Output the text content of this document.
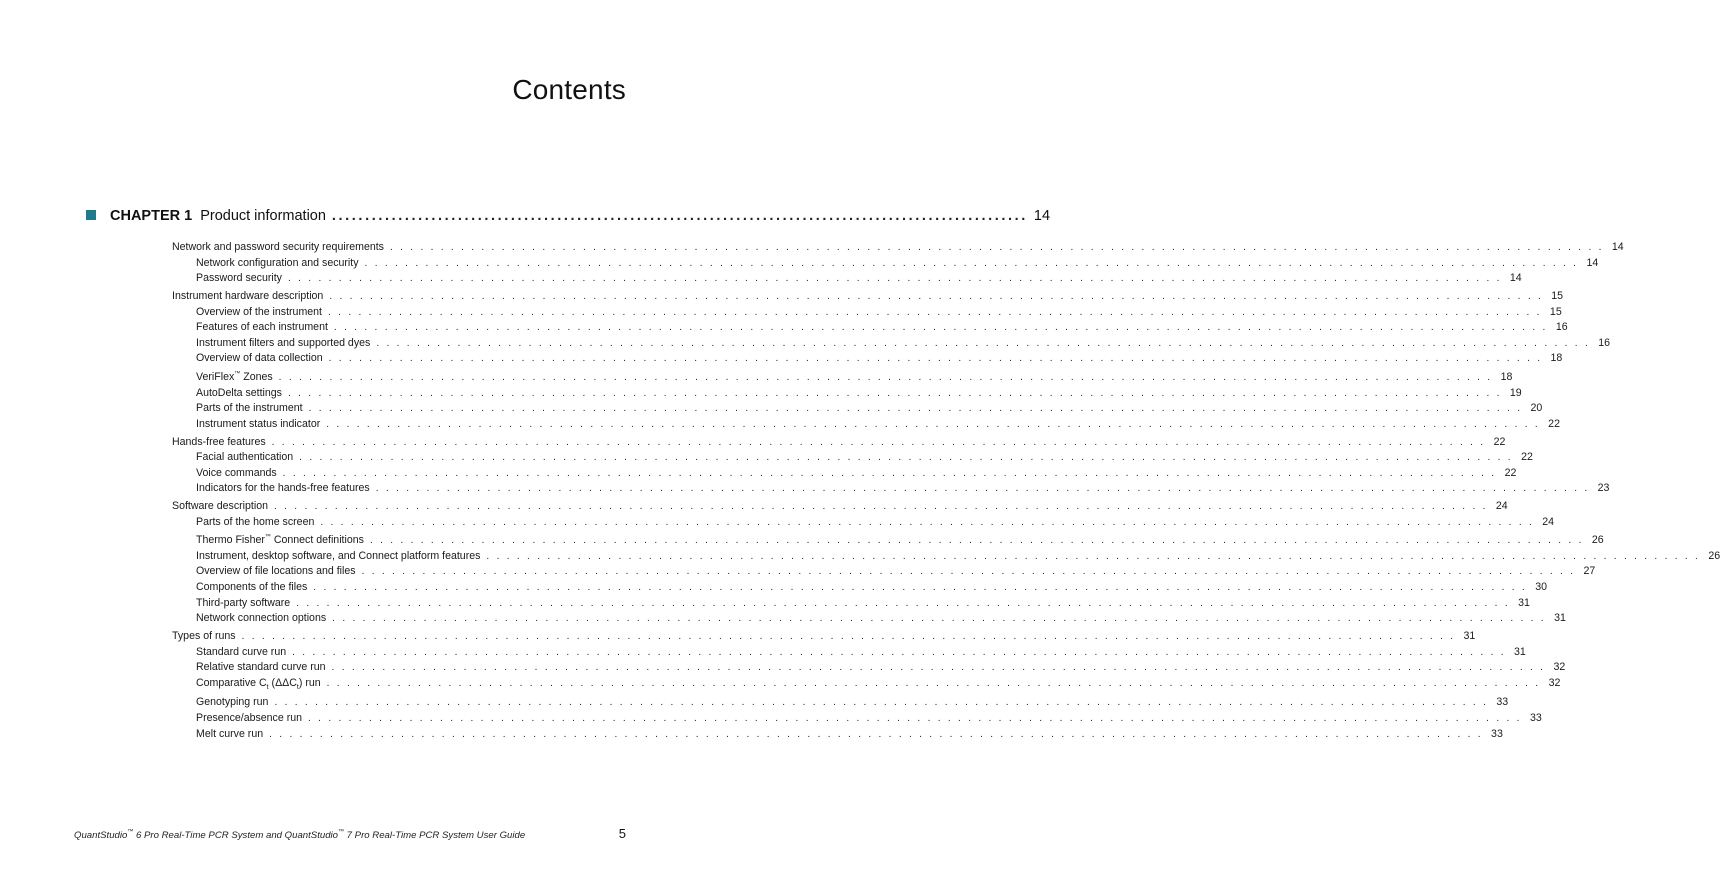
Contents
CHAPTER 1 Product information ......................................................................................................... 14
Network and password security requirements . . . . . . . . . . . . . . . . . . . . . . . . . . . . . . . . . . . . . . . . . . . . . . . . . . . . . . . . . . . . . . . . . . . . . . . . . . . . . . . . . . . . . . . . . . . . . . . . . . . . . . . . . . . . . . . . . . . . . . . . 14
Network configuration and security . . . . . . . . . . . . . . . . . . . . . . . . . . . . . . . . . . . . . . . . . . . . . . . . . . . . . . . . . . . . . . . . . . . . . . . . . . . . . . . . . . . . . . . . . . . . . . . . . . . . . . . . . . . . . . . . . . . . . . . . 14
Password security . . . . . . . . . . . . . . . . . . . . . . . . . . . . . . . . . . . . . . . . . . . . . . . . . . . . . . . . . . . . . . . . . . . . . . . . . . . . . . . . . . . . . . . . . . . . . . . . . . . . . . . . . . . . . . . . . . . . . . . . 14
Instrument hardware description . . . . . . . . . . . . . . . . . . . . . . . . . . . . . . . . . . . . . . . . . . . . . . . . . . . . . . . . . . . . . . . . . . . . . . . . . . . . . . . . . . . . . . . . . . . . . . . . . . . . . . . . . . . . . . . . . . . . . . . . 15
Overview of the instrument . . . . . . . . . . . . . . . . . . . . . . . . . . . . . . . . . . . . . . . . . . . . . . . . . . . . . . . . . . . . . . . . . . . . . . . . . . . . . . . . . . . . . . . . . . . . . . . . . . . . . . . . . . . . . . . . . . . . . . . . 15
Features of each instrument . . . . . . . . . . . . . . . . . . . . . . . . . . . . . . . . . . . . . . . . . . . . . . . . . . . . . . . . . . . . . . . . . . . . . . . . . . . . . . . . . . . . . . . . . . . . . . . . . . . . . . . . . . . . . . . . . . . . . . . . 16
Instrument filters and supported dyes . . . . . . . . . . . . . . . . . . . . . . . . . . . . . . . . . . . . . . . . . . . . . . . . . . . . . . . . . . . . . . . . . . . . . . . . . . . . . . . . . . . . . . . . . . . . . . . . . . . . . . . . . . . . . . . . . . . . . . . . 16
Overview of data collection . . . . . . . . . . . . . . . . . . . . . . . . . . . . . . . . . . . . . . . . . . . . . . . . . . . . . . . . . . . . . . . . . . . . . . . . . . . . . . . . . . . . . . . . . . . . . . . . . . . . . . . . . . . . . . . . . . . . . . . . 18
VeriFlex™ Zones . . . . . . . . . . . . . . . . . . . . . . . . . . . . . . . . . . . . . . . . . . . . . . . . . . . . . . . . . . . . . . . . . . . . . . . . . . . . . . . . . . . . . . . . . . . . . . . . . . . . . . . . . . . . . . . . . . . . . . . . 18
AutoDelta settings . . . . . . . . . . . . . . . . . . . . . . . . . . . . . . . . . . . . . . . . . . . . . . . . . . . . . . . . . . . . . . . . . . . . . . . . . . . . . . . . . . . . . . . . . . . . . . . . . . . . . . . . . . . . . . . . . . . . . . . . 19
Parts of the instrument . . . . . . . . . . . . . . . . . . . . . . . . . . . . . . . . . . . . . . . . . . . . . . . . . . . . . . . . . . . . . . . . . . . . . . . . . . . . . . . . . . . . . . . . . . . . . . . . . . . . . . . . . . . . . . . . . . . . . . . . 20
Instrument status indicator . . . . . . . . . . . . . . . . . . . . . . . . . . . . . . . . . . . . . . . . . . . . . . . . . . . . . . . . . . . . . . . . . . . . . . . . . . . . . . . . . . . . . . . . . . . . . . . . . . . . . . . . . . . . . . . . . . . . . . . . 22
Hands-free features . . . . . . . . . . . . . . . . . . . . . . . . . . . . . . . . . . . . . . . . . . . . . . . . . . . . . . . . . . . . . . . . . . . . . . . . . . . . . . . . . . . . . . . . . . . . . . . . . . . . . . . . . . . . . . . . . . . . . . . . 22
Facial authentication . . . . . . . . . . . . . . . . . . . . . . . . . . . . . . . . . . . . . . . . . . . . . . . . . . . . . . . . . . . . . . . . . . . . . . . . . . . . . . . . . . . . . . . . . . . . . . . . . . . . . . . . . . . . . . . . . . . . . . . . 22
Voice commands . . . . . . . . . . . . . . . . . . . . . . . . . . . . . . . . . . . . . . . . . . . . . . . . . . . . . . . . . . . . . . . . . . . . . . . . . . . . . . . . . . . . . . . . . . . . . . . . . . . . . . . . . . . . . . . . . . . . . . . . 22
Indicators for the hands-free features . . . . . . . . . . . . . . . . . . . . . . . . . . . . . . . . . . . . . . . . . . . . . . . . . . . . . . . . . . . . . . . . . . . . . . . . . . . . . . . . . . . . . . . . . . . . . . . . . . . . . . . . . . . . . . . . . . . . . . . . 23
Software description . . . . . . . . . . . . . . . . . . . . . . . . . . . . . . . . . . . . . . . . . . . . . . . . . . . . . . . . . . . . . . . . . . . . . . . . . . . . . . . . . . . . . . . . . . . . . . . . . . . . . . . . . . . . . . . . . . . . . . . . 24
Parts of the home screen . . . . . . . . . . . . . . . . . . . . . . . . . . . . . . . . . . . . . . . . . . . . . . . . . . . . . . . . . . . . . . . . . . . . . . . . . . . . . . . . . . . . . . . . . . . . . . . . . . . . . . . . . . . . . . . . . . . . . . . . 24
Thermo Fisher™ Connect definitions . . . . . . . . . . . . . . . . . . . . . . . . . . . . . . . . . . . . . . . . . . . . . . . . . . . . . . . . . . . . . . . . . . . . . . . . . . . . . . . . . . . . . . . . . . . . . . . . . . . . . . . . . . . . . . . . . . . . . . . . 26
Instrument, desktop software, and Connect platform features . . . . . . . . . . . . . . . . . . . . . . . . . . . . . . . . . . . . . . . . . . . . . . . . . . . . . . . . . . . . . . . . . . . . . . . . . . . . . . . . . . . . . . . . . . . . . . . . . . . . . . . . . . . . . . . . . . . . . . . . 26
Overview of file locations and files . . . . . . . . . . . . . . . . . . . . . . . . . . . . . . . . . . . . . . . . . . . . . . . . . . . . . . . . . . . . . . . . . . . . . . . . . . . . . . . . . . . . . . . . . . . . . . . . . . . . . . . . . . . . . . . . . . . . . . . . 27
Components of the files . . . . . . . . . . . . . . . . . . . . . . . . . . . . . . . . . . . . . . . . . . . . . . . . . . . . . . . . . . . . . . . . . . . . . . . . . . . . . . . . . . . . . . . . . . . . . . . . . . . . . . . . . . . . . . . . . . . . . . . . 30
Third-party software . . . . . . . . . . . . . . . . . . . . . . . . . . . . . . . . . . . . . . . . . . . . . . . . . . . . . . . . . . . . . . . . . . . . . . . . . . . . . . . . . . . . . . . . . . . . . . . . . . . . . . . . . . . . . . . . . . . . . . . . 31
Network connection options . . . . . . . . . . . . . . . . . . . . . . . . . . . . . . . . . . . . . . . . . . . . . . . . . . . . . . . . . . . . . . . . . . . . . . . . . . . . . . . . . . . . . . . . . . . . . . . . . . . . . . . . . . . . . . . . . . . . . . . . 31
Types of runs . . . . . . . . . . . . . . . . . . . . . . . . . . . . . . . . . . . . . . . . . . . . . . . . . . . . . . . . . . . . . . . . . . . . . . . . . . . . . . . . . . . . . . . . . . . . . . . . . . . . . . . . . . . . . . . . . . . . . . . . 31
Standard curve run . . . . . . . . . . . . . . . . . . . . . . . . . . . . . . . . . . . . . . . . . . . . . . . . . . . . . . . . . . . . . . . . . . . . . . . . . . . . . . . . . . . . . . . . . . . . . . . . . . . . . . . . . . . . . . . . . . . . . . . . 31
Relative standard curve run . . . . . . . . . . . . . . . . . . . . . . . . . . . . . . . . . . . . . . . . . . . . . . . . . . . . . . . . . . . . . . . . . . . . . . . . . . . . . . . . . . . . . . . . . . . . . . . . . . . . . . . . . . . . . . . . . . . . . . . . 32
Comparative $C_t$ $(\Delta\Delta C_t)$ run . . . . . . . . . . . . . . . . . . . . . . . . . . . . . . . . . . . . . . . . . . . . . . . . . . . . . . . . . . . . . . . . . . . . . . . . . . . . . . . . . . . . . . . . . . . . . . . . . . . . . . . . . . . . . . . . . . . . . . . . 32
Genotyping run . . . . . . . . . . . . . . . . . . . . . . . . . . . . . . . . . . . . . . . . . . . . . . . . . . . . . . . . . . . . . . . . . . . . . . . . . . . . . . . . . . . . . . . . . . . . . . . . . . . . . . . . . . . . . . . . . . . . . . . . 33
Presence/absence run . . . . . . . . . . . . . . . . . . . . . . . . . . . . . . . . . . . . . . . . . . . . . . . . . . . . . . . . . . . . . . . . . . . . . . . . . . . . . . . . . . . . . . . . . . . . . . . . . . . . . . . . . . . . . . . . . . . . . . . . 33
Melt curve run . . . . . . . . . . . . . . . . . . . . . . . . . . . . . . . . . . . . . . . . . . . . . . . . . . . . . . . . . . . . . . . . . . . . . . . . . . . . . . . . . . . . . . . . . . . . . . . . . . . . . . . . . . . . . . . . . . . . . . . . 33
QuantStudio™ 6 Pro Real-Time PCR System and QuantStudio™ 7 Pro Real-Time PCR System User Guide	5
